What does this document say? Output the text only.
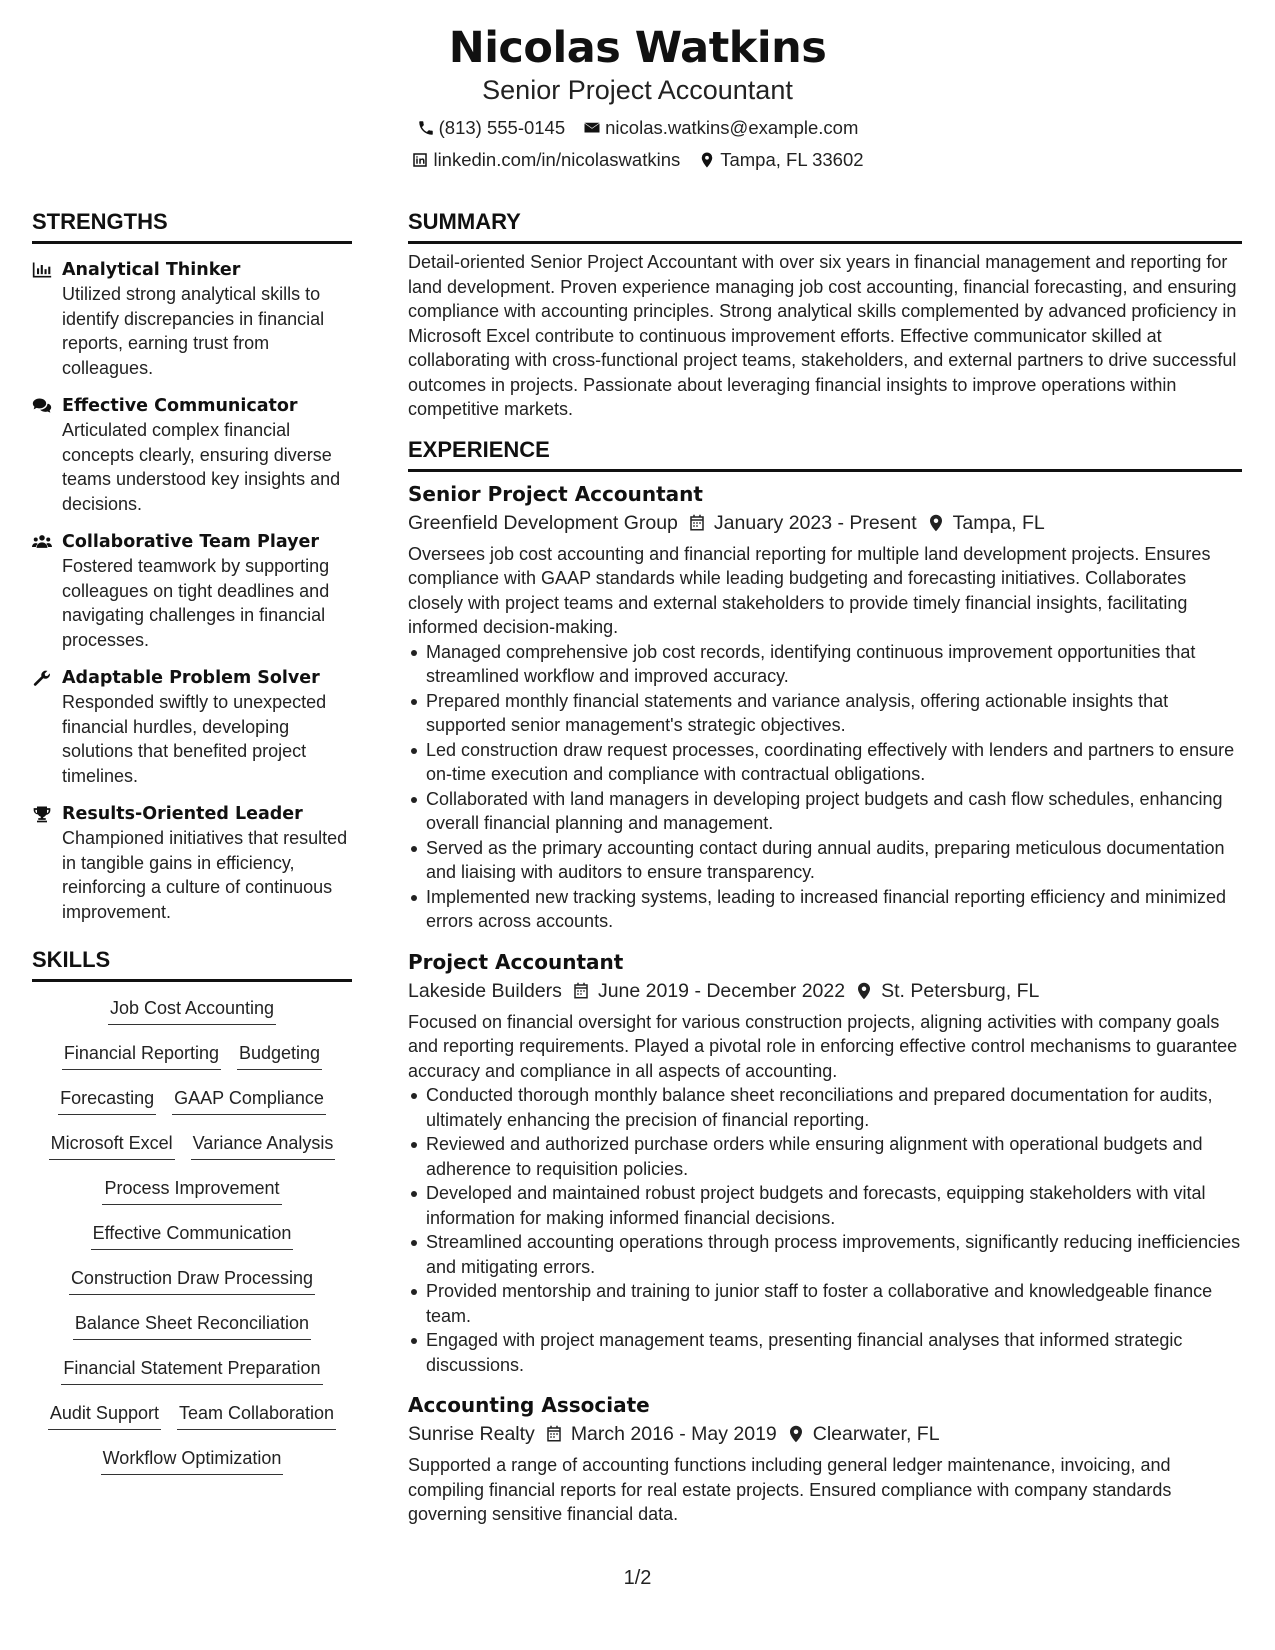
Nicolas Watkins
Senior Project Accountant
(813) 555-0145 nicolas.watkins@example.com
linkedin.com/in/nicolaswatkins Tampa, FL 33602
STRENGTHS
Analytical Thinker
Utilized strong analytical skills to identify discrepancies in financial reports, earning trust from colleagues.
Effective Communicator
Articulated complex financial concepts clearly, ensuring diverse teams understood key insights and decisions.
Collaborative Team Player
Fostered teamwork by supporting colleagues on tight deadlines and navigating challenges in financial processes.
Adaptable Problem Solver
Responded swiftly to unexpected financial hurdles, developing solutions that benefited project timelines.
Results-Oriented Leader
Championed initiatives that resulted in tangible gains in efficiency, reinforcing a culture of continuous improvement.
SKILLS
Job Cost Accounting
Financial Reporting Budgeting
Forecasting GAAP Compliance
Microsoft Excel Variance Analysis
Process Improvement
Effective Communication
Construction Draw Processing
Balance Sheet Reconciliation
Financial Statement Preparation
Audit Support Team Collaboration
Workflow Optimization
SUMMARY
Detail-oriented Senior Project Accountant with over six years in financial management and reporting for land development. Proven experience managing job cost accounting, financial forecasting, and ensuring compliance with accounting principles. Strong analytical skills complemented by advanced proficiency in Microsoft Excel contribute to continuous improvement efforts. Effective communicator skilled at collaborating with cross-functional project teams, stakeholders, and external partners to drive successful outcomes in projects. Passionate about leveraging financial insights to improve operations within competitive markets.
EXPERIENCE
Senior Project Accountant
Greenfield Development Group January 2023 - Present Tampa, FL
Oversees job cost accounting and financial reporting for multiple land development projects. Ensures compliance with GAAP standards while leading budgeting and forecasting initiatives. Collaborates closely with project teams and external stakeholders to provide timely financial insights, facilitating informed decision-making.
Managed comprehensive job cost records, identifying continuous improvement opportunities that streamlined workflow and improved accuracy.
Prepared monthly financial statements and variance analysis, offering actionable insights that supported senior management's strategic objectives.
Led construction draw request processes, coordinating effectively with lenders and partners to ensure on-time execution and compliance with contractual obligations.
Collaborated with land managers in developing project budgets and cash flow schedules, enhancing overall financial planning and management.
Served as the primary accounting contact during annual audits, preparing meticulous documentation and liaising with auditors to ensure transparency.
Implemented new tracking systems, leading to increased financial reporting efficiency and minimized errors across accounts.
Project Accountant
Lakeside Builders June 2019 - December 2022 St. Petersburg, FL
Focused on financial oversight for various construction projects, aligning activities with company goals and reporting requirements. Played a pivotal role in enforcing effective control mechanisms to guarantee accuracy and compliance in all aspects of accounting.
Conducted thorough monthly balance sheet reconciliations and prepared documentation for audits, ultimately enhancing the precision of financial reporting.
Reviewed and authorized purchase orders while ensuring alignment with operational budgets and adherence to requisition policies.
Developed and maintained robust project budgets and forecasts, equipping stakeholders with vital information for making informed financial decisions.
Streamlined accounting operations through process improvements, significantly reducing inefficiencies and mitigating errors.
Provided mentorship and training to junior staff to foster a collaborative and knowledgeable finance team.
Engaged with project management teams, presenting financial analyses that informed strategic discussions.
Accounting Associate
Sunrise Realty March 2016 - May 2019 Clearwater, FL
Supported a range of accounting functions including general ledger maintenance, invoicing, and compiling financial reports for real estate projects. Ensured compliance with company standards governing sensitive financial data.
1/2
